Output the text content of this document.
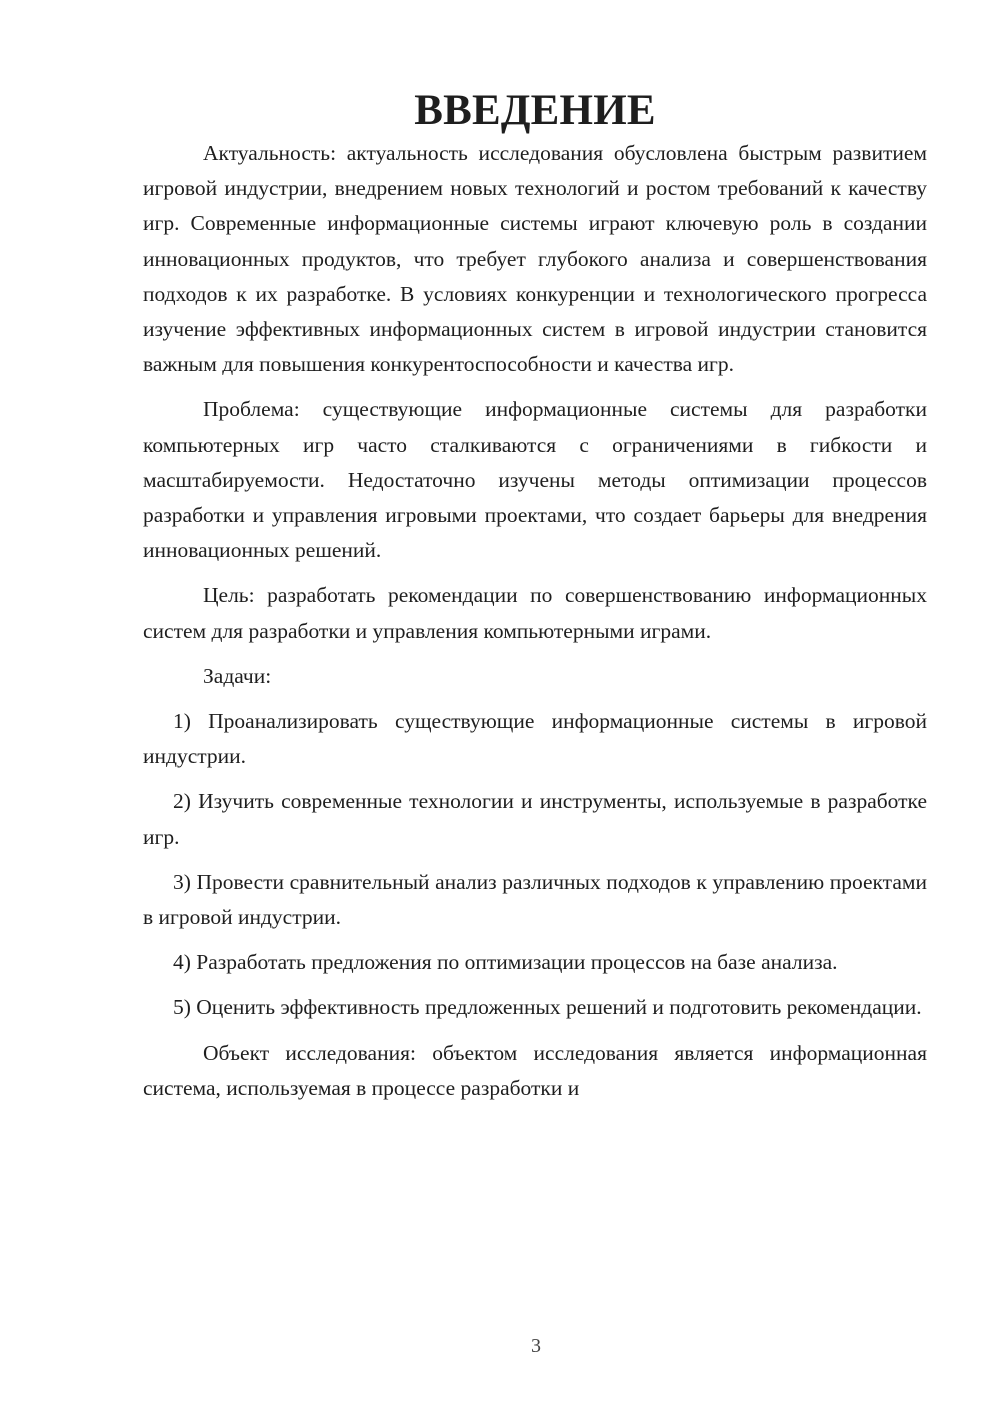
ВВЕДЕНИЕ

Актуальность: актуальность исследования обусловлена быстрым развитием игровой индустрии, внедрением новых технологий и ростом требований к качеству игр. Современные информационные системы играют ключевую роль в создании инновационных продуктов, что требует глубокого анализа и совершенствования подходов к их разработке. В условиях конкуренции и технологического прогресса изучение эффективных информационных систем в игровой индустрии становится важным для повышения конкурентоспособности и качества игр.

Проблема: существующие информационные системы для разработки компьютерных игр часто сталкиваются с ограничениями в гибкости и масштабируемости. Недостаточно изучены методы оптимизации процессов разработки и управления игровыми проектами, что создает барьеры для внедрения инновационных решений.

Цель: разработать рекомендации по совершенствованию информационных систем для разработки и управления компьютерными играми.

Задачи:

1) Проанализировать существующие информационные системы в игровой индустрии.

2) Изучить современные технологии и инструменты, используемые в разработке игр.

3) Провести сравнительный анализ различных подходов к управлению проектами в игровой индустрии.

4) Разработать предложения по оптимизации процессов на базе анализа.

5) Оценить эффективность предложенных решений и подготовить рекомендации.

Объект исследования: объектом исследования является информационная система, используемая в процессе разработки и

3
